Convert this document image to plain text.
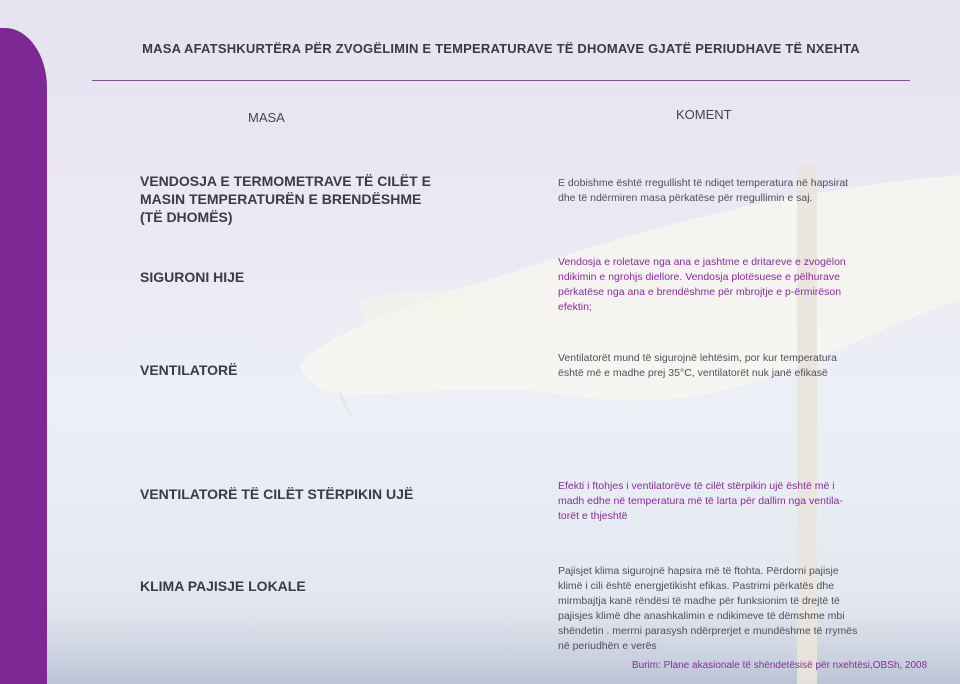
MASA AFATSHKURTËRA PËR ZVOGËLIMIN E TEMPERATURAVE TË DHOMAVE GJATË PERIUDHAVE TË NXEHTA
MASA	KOMENT
VENDOSJA E TERMOMETRAVE TË CILËT E
MASIN TEMPERATURËN E BRENDËSHME
(TË DHOMËS)
E dobishme është rregullisht të ndiqet temperatura në hapsirat
dhe të ndërmiren masa përkatëse për rregullimin e saj.
SIGURONI HIJE
Vendosja e roletave nga ana e jashtme e dritareve e zvogëlon
ndikimin e ngrohjs diellore. Vendosja plotësuese e pëlhurave
përkatëse nga ana e brendëshme për mbrojtje e p-ërmirëson
efektin;
VENTILATORË
Ventilatorët mund të sigurojnë lehtësim, por kur temperatura
është më e madhe prej 35°C, ventilatorët nuk janë efikasë
VENTILATORË TË CILËT STËRPIKIN UJË	Efekti i ftohjes i ventilatorëve të cilët stërpikin ujë është më i
madh edhe në temperatura më të larta për dallim nga ventila-
torët e thjeshtë
KLIMA PAJISJE LOKALE
Pajisjet klima sigurojnë hapsira më të ftohta. Përdorni pajisje
klimë i cili është energjetikisht efikas. Pastrimi përkatës dhe
mirmbajtja kanë rëndësi të madhe për funksionim të drejtë të
pajisjes klimë dhe anashkalimin e ndikimeve të dëmshme mbi
shëndetin . merrni parasysh ndërprerjet e mundëshme të rrymës
në periudhën e verës
Burim: Plane akasionale të shëndetësisë për nxehtësi,OBSh, 2008
